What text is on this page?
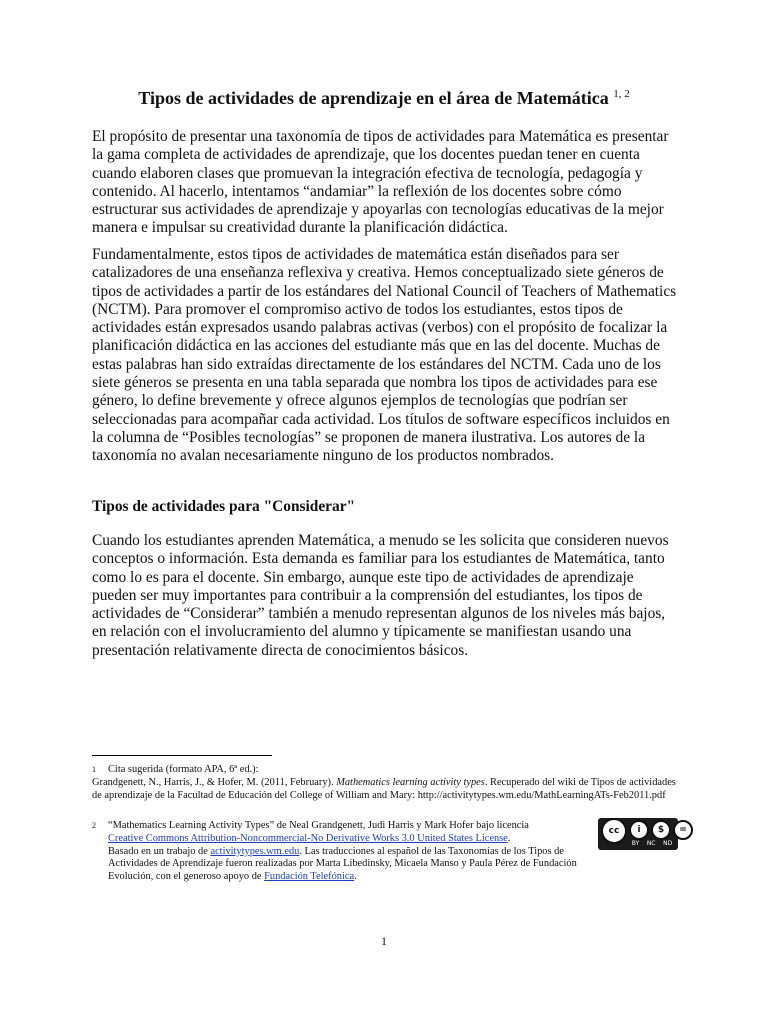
Tipos de actividades de aprendizaje en el área de Matemática $^{1, 2}$

El propósito de presentar una taxonomía de tipos de actividades para Matemática es presentar la gama completa de actividades de aprendizaje, que los docentes puedan tener en cuenta cuando elaboren clases que promuevan la integración efectiva de tecnología, pedagogía y contenido. Al hacerlo, intentamos “andamiar” la reflexión de los docentes sobre cómo estructurar sus actividades de aprendizaje y apoyarlas con tecnologías educativas de la mejor manera e impulsar su creatividad durante la planificación didáctica.

Fundamentalmente, estos tipos de actividades de matemática están diseñados para ser catalizadores de una enseñanza reflexiva y creativa. Hemos conceptualizado siete géneros de tipos de actividades a partir de los estándares del National Council of Teachers of Mathematics (NCTM). Para promover el compromiso activo de todos los estudiantes, estos tipos de actividades están expresados usando palabras activas (verbos) con el propósito de focalizar la planificación didáctica en las acciones del estudiante más que en las del docente. Muchas de estas palabras han sido extraídas directamente de los estándares del NCTM. Cada uno de los siete géneros se presenta en una tabla separada que nombra los tipos de actividades para ese género, lo define brevemente y ofrece algunos ejemplos de tecnologías que podrían ser seleccionadas para acompañar cada actividad. Los títulos de software específicos incluidos en la columna de “Posibles tecnologías” se proponen de manera ilustrativa. Los autores de la taxonomía no avalan necesariamente ninguno de los productos nombrados.

Tipos de actividades para "Considerar"

Cuando los estudiantes aprenden Matemática, a menudo se les solicita que consideren nuevos conceptos o información. Esta demanda es familiar para los estudiantes de Matemática, tanto como lo es para el docente. Sin embargo, aunque este tipo de actividades de aprendizaje pueden ser muy importantes para contribuir a la comprensión del estudiantes, los tipos de actividades de “Considerar” también a menudo representan algunos de los niveles más bajos, en relación con el involucramiento del alumno y típicamente se manifiestan usando una presentación relativamente directa de conocimientos básicos.

1 Cita sugerida (formato APA, 6ª ed.):
Grandgenett, N., Harris, J., & Hofer, M. (2011, February). Mathematics learning activity types. Recuperado del wiki de Tipos de actividades de aprendizaje de la Facultad de Educación del College of William and Mary: http://activitytypes.wm.edu/MathLearningATs-Feb2011.pdf
2 “Mathematics Learning Activity Types” de Neal Grandgenett, Judi Harris y Mark Hofer bajo licencia
Creative Commons Attribution-Noncommercial-No Derivative Works 3.0 United States License.
Basado en un trabajo de activitytypes.wm.edu. Las traducciones al español de las Taxonomías de los Tipos de Actividades de Aprendizaje fueron realizadas por Marta Libedinsky, Micaela Manso y Paula Pérez de Fundación Evolución, con el generoso apoyo de Fundación Telefónica.
cc	i	$	=
BY NC ND
1
